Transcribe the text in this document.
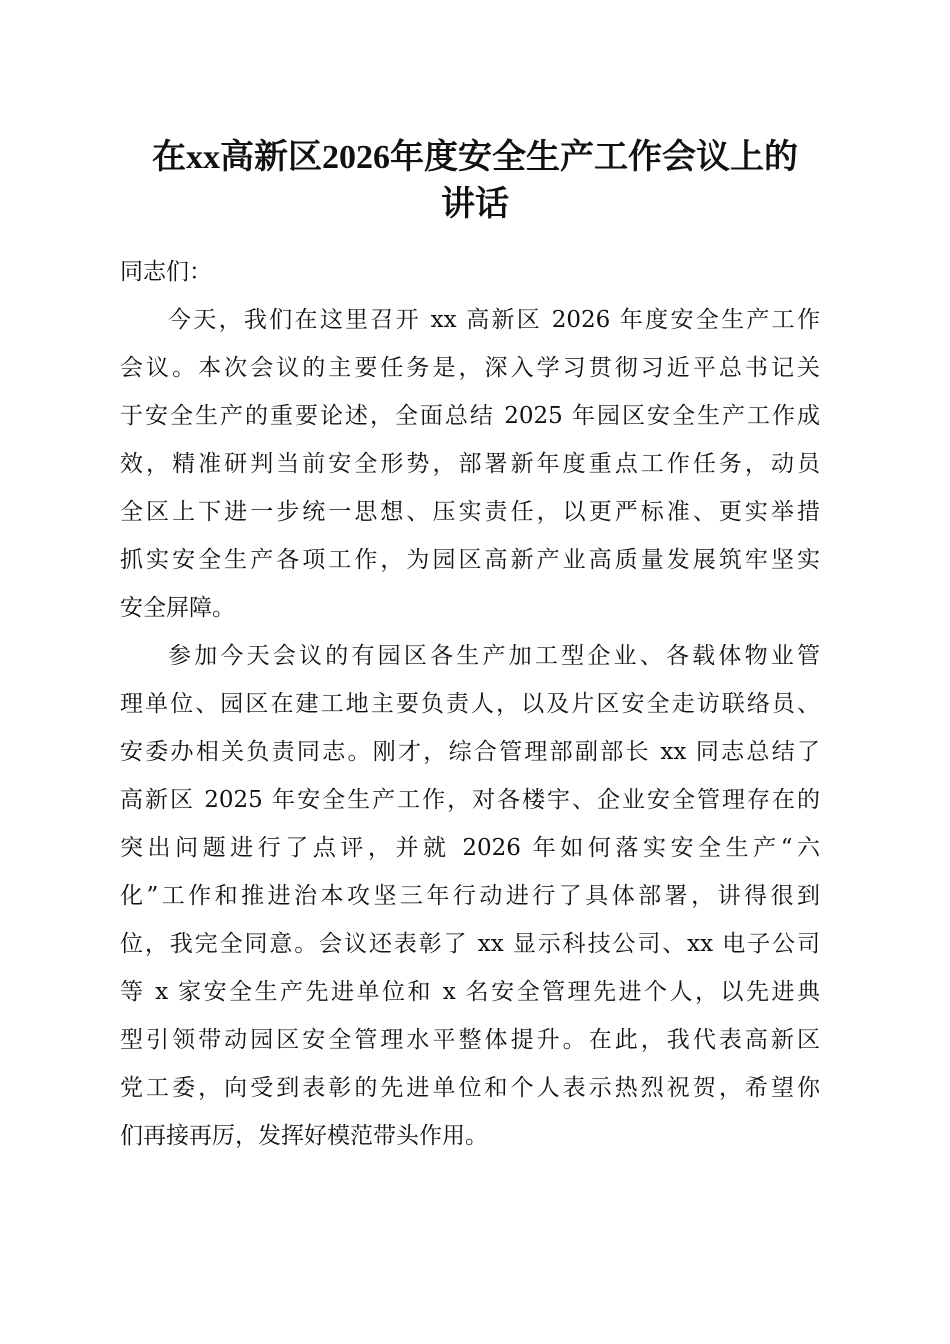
在xx高新区2026年度安全生产工作会议上的
讲话
同志们：
今天，我们在这里召开 xx 高新区 2026 年度安全生产工作
会议。本次会议的主要任务是，深入学习贯彻习近平总书记关
于安全生产的重要论述，全面总结 2025 年园区安全生产工作成
效，精准研判当前安全形势，部署新年度重点工作任务，动员
全区上下进一步统一思想、压实责任，以更严标准、更实举措
抓实安全生产各项工作，为园区高新产业高质量发展筑牢坚实
安全屏障。
参加今天会议的有园区各生产加工型企业、各载体物业管
理单位、园区在建工地主要负责人，以及片区安全走访联络员、
安委办相关负责同志。刚才，综合管理部副部长 xx 同志总结了
高新区 2025 年安全生产工作，对各楼宇、企业安全管理存在的
突出问题进行了点评，并就 2026 年如何落实安全生产“六
化”工作和推进治本攻坚三年行动进行了具体部署，讲得很到
位，我完全同意。会议还表彰了 xx 显示科技公司、xx 电子公司
等 x 家安全生产先进单位和 x 名安全管理先进个人，以先进典
型引领带动园区安全管理水平整体提升。在此，我代表高新区
党工委，向受到表彰的先进单位和个人表示热烈祝贺，希望你
们再接再厉，发挥好模范带头作用。
